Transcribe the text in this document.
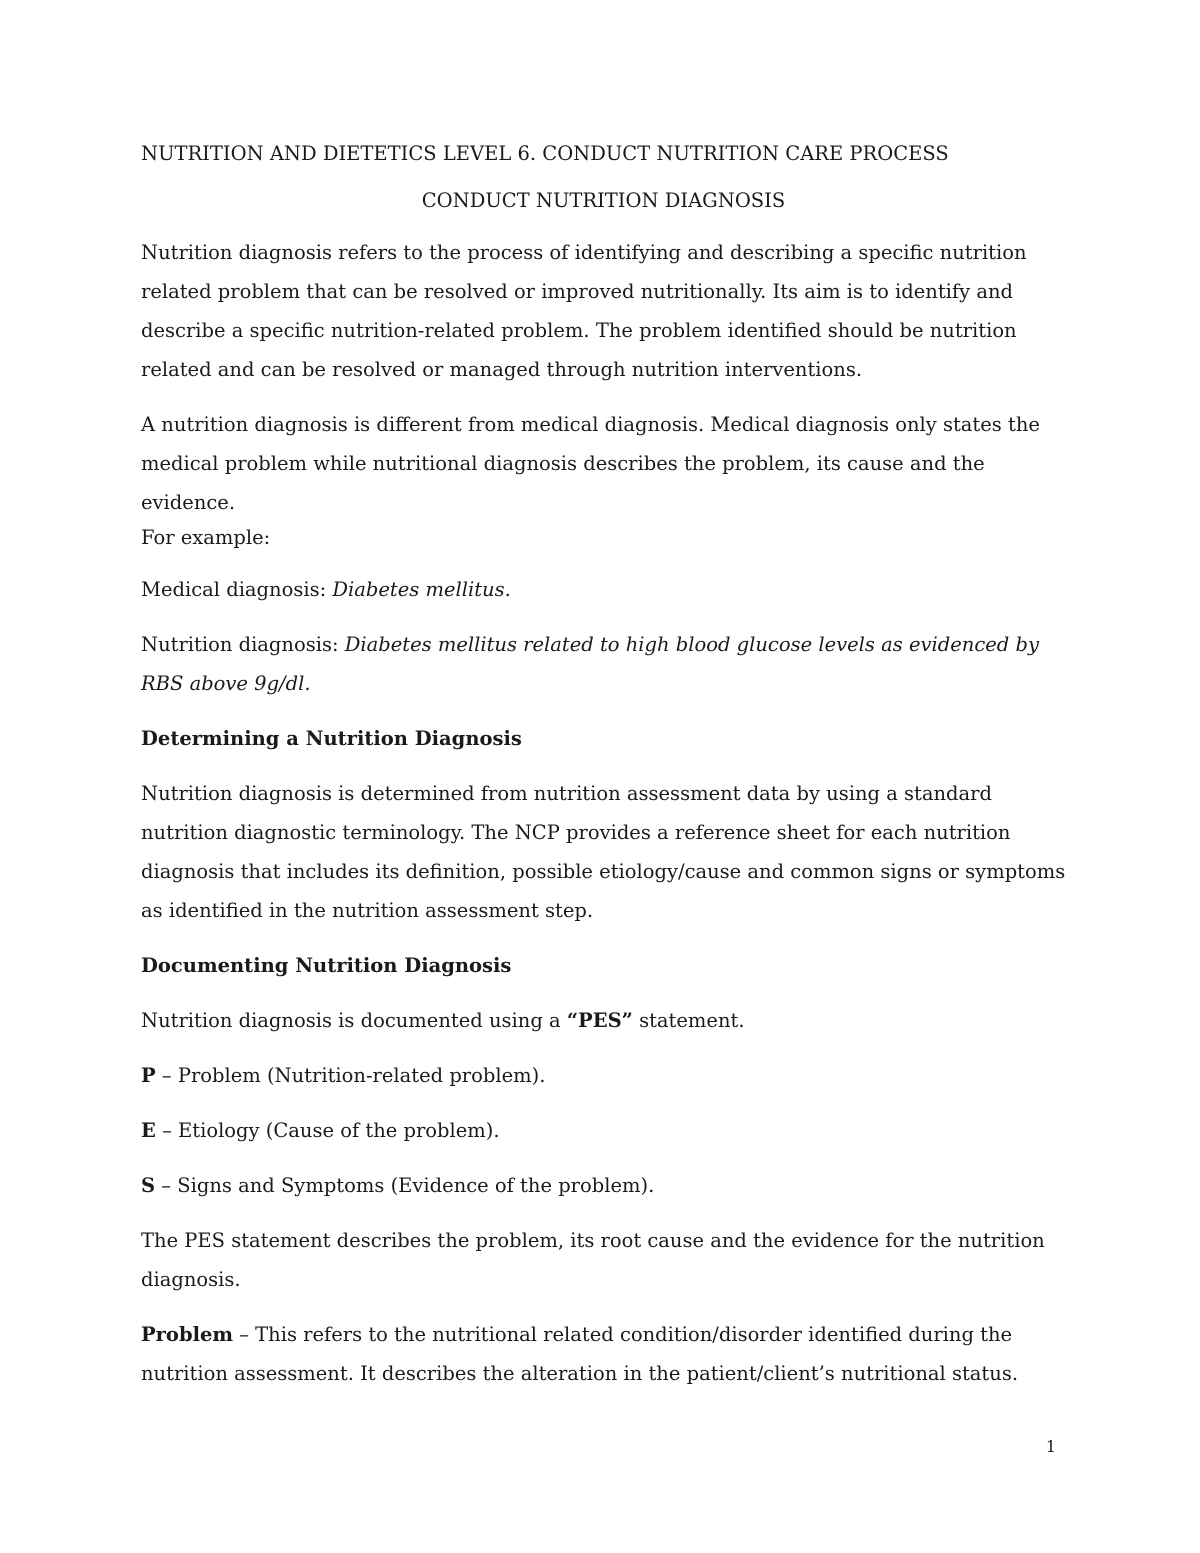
NUTRITION AND DIETETICS LEVEL 6. CONDUCT NUTRITION CARE PROCESS

CONDUCT NUTRITION DIAGNOSIS

Nutrition diagnosis refers to the process of identifying and describing a specific nutrition related problem that can be resolved or improved nutritionally. Its aim is to identify and describe a specific nutrition-related problem. The problem identified should be nutrition related and can be resolved or managed through nutrition interventions.

A nutrition diagnosis is different from medical diagnosis. Medical diagnosis only states the medical problem while nutritional diagnosis describes the problem, its cause and the evidence.

For example:

Medical diagnosis: Diabetes mellitus.

Nutrition diagnosis: Diabetes mellitus related to high blood glucose levels as evidenced by RBS above 9g/dl.

Determining a Nutrition Diagnosis

Nutrition diagnosis is determined from nutrition assessment data by using a standard nutrition diagnostic terminology. The NCP provides a reference sheet for each nutrition diagnosis that includes its definition, possible etiology/cause and common signs or symptoms as identified in the nutrition assessment step.

Documenting Nutrition Diagnosis

Nutrition diagnosis is documented using a “PES” statement.

P – Problem (Nutrition-related problem).

E – Etiology (Cause of the problem).

S – Signs and Symptoms (Evidence of the problem).

The PES statement describes the problem, its root cause and the evidence for the nutrition diagnosis.

Problem – This refers to the nutritional related condition/disorder identified during the nutrition assessment. It describes the alteration in the patient/client’s nutritional status.

1
